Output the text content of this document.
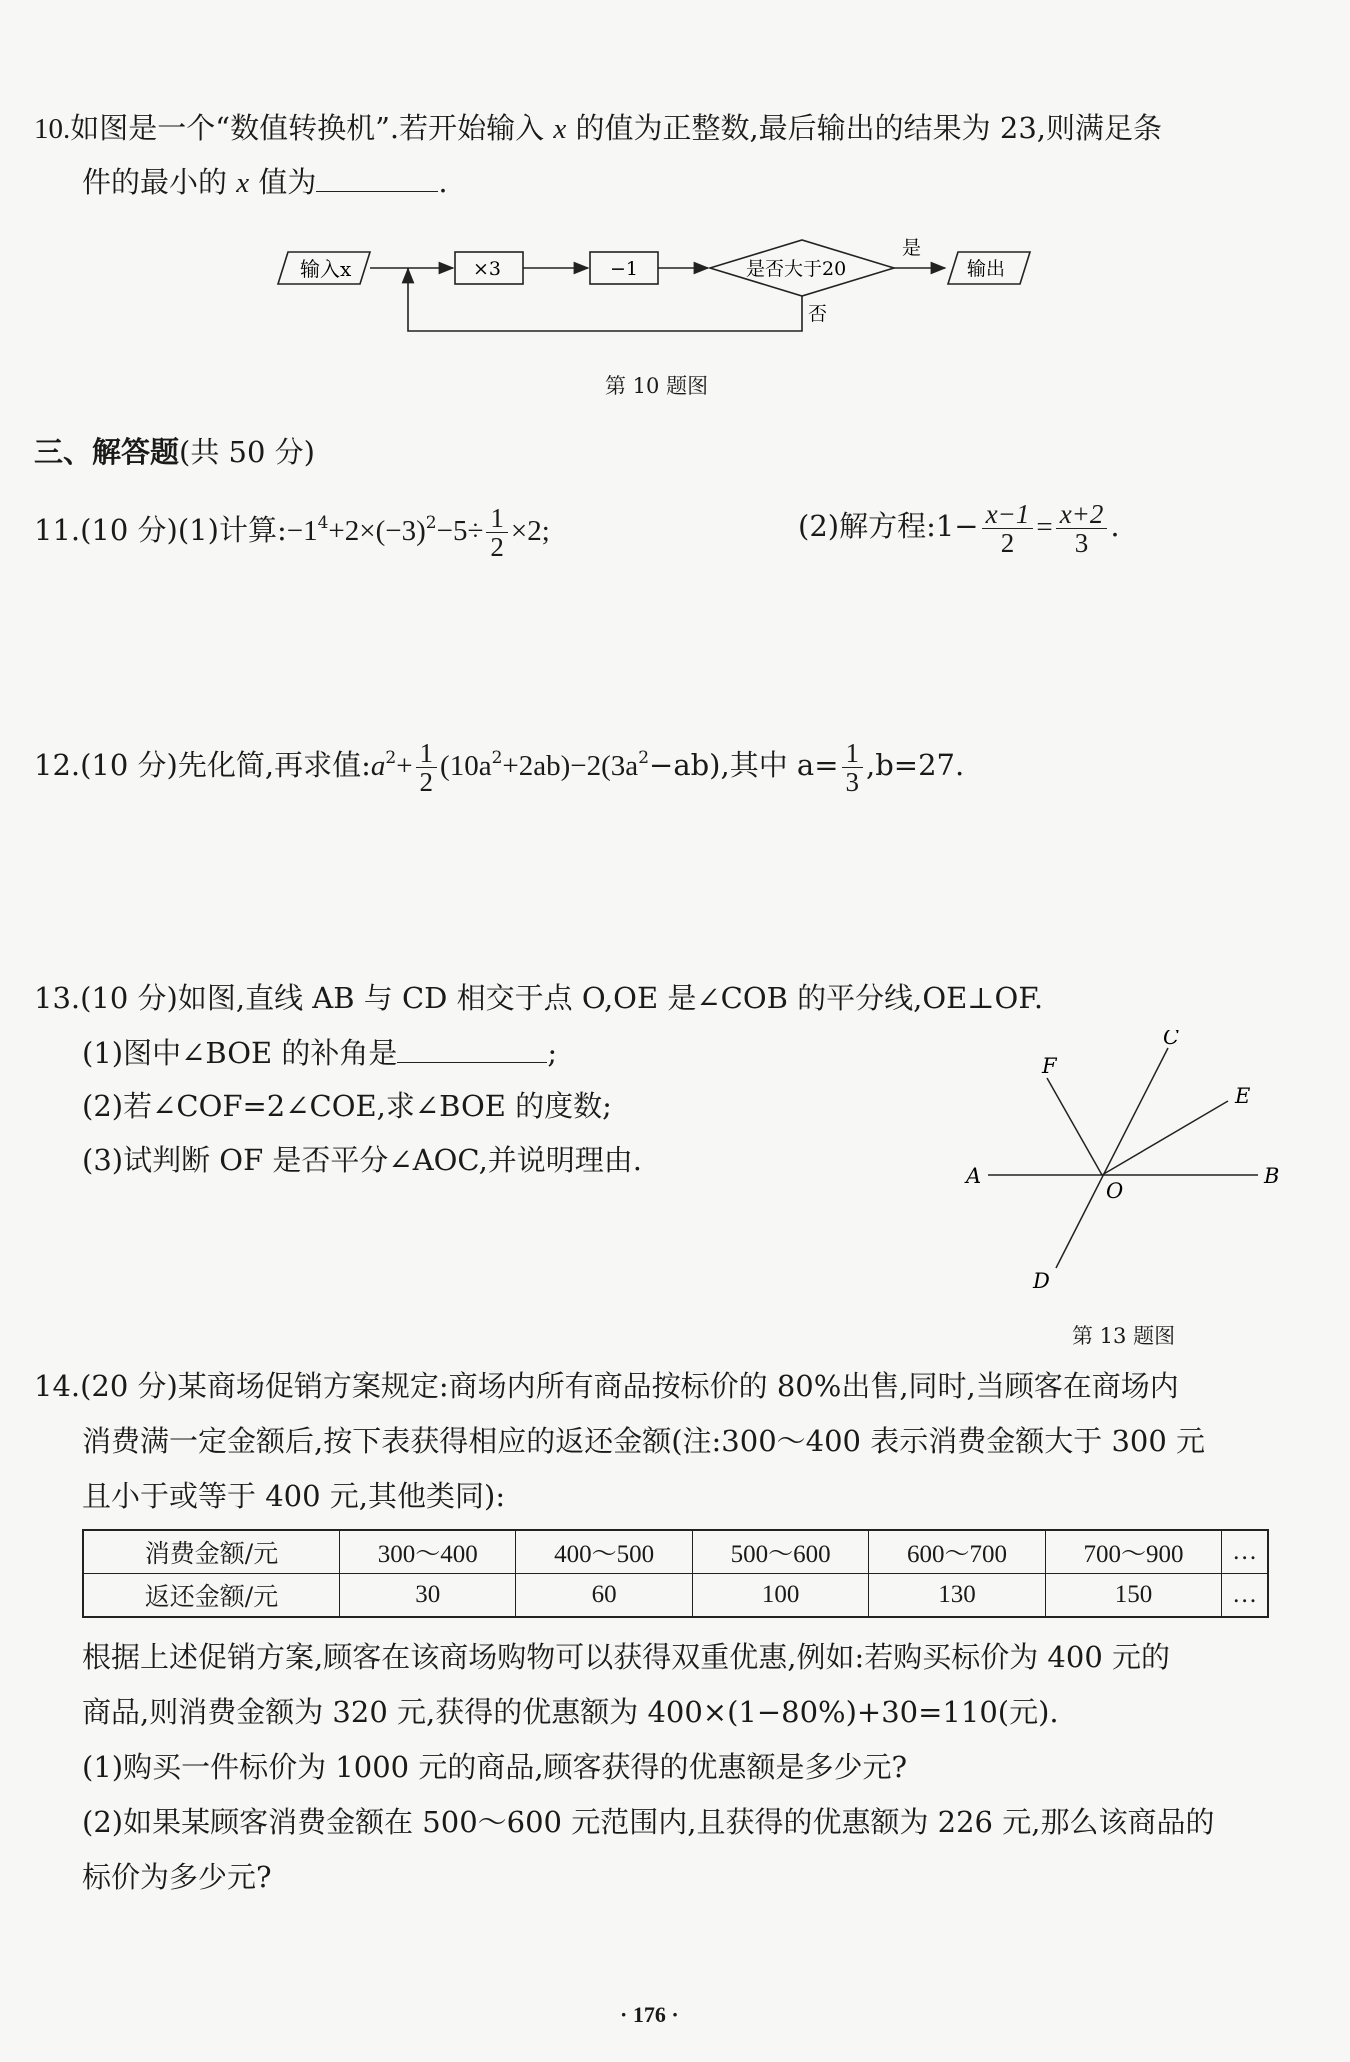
10.如图是一个“数值转换机”.若开始输入 x 的值为正整数,最后输出的结果为 23,则满足条
件的最小的 x 值为	.
输入x	×3	−1	是否大于20
是
输出
否
第 10 题图
三、解答题(共 50 分)
11.(10 分)(1)计算$:-1^4+2\times(-3)^2-5\div \frac{1}{2} \times 2$;	(2)解方程:1− $\frac{x-1}{2} = \frac{x+2}{3}$ .
12.(10 分)先化简,再求值$:a^2+ \frac{1}{2} (10a^2+2ab)-2(3a^2-ab)$,其中 $a= \frac{1}{3} ,b=27$.
13.(10 分)如图,直线 AB 与 CD 相交于点 O,OE 是∠COB 的平分线,OE⊥OF.
(1)图中∠BOE 的补角是	;
(2)若∠COF=2∠COE,求∠BOE 的度数;
(3)试判断 OF 是否平分∠AOC,并说明理由.	A	B
C
D
E
F
O
第 13 题图
14.(20 分)某商场促销方案规定:商场内所有商品按标价的 80%出售,同时,当顾客在商场内
消费满一定金额后,按下表获得相应的返还金额(注:300～400 表示消费金额大于 300 元
且小于或等于 400 元,其他类同):
消费金额/元	300～400	400～500	500～600	600～700	700～900	…
返还金额/元	30	60	100	130	150	…
根据上述促销方案,顾客在该商场购物可以获得双重优惠,例如:若购买标价为 400 元的
商品,则消费金额为 320 元,获得的优惠额为 400×(1−80%)+30=110(元).
(1)购买一件标价为 1000 元的商品,顾客获得的优惠额是多少元?
(2)如果某顾客消费金额在 500～600 元范围内,且获得的优惠额为 226 元,那么该商品的
标价为多少元?
· 176 ·
